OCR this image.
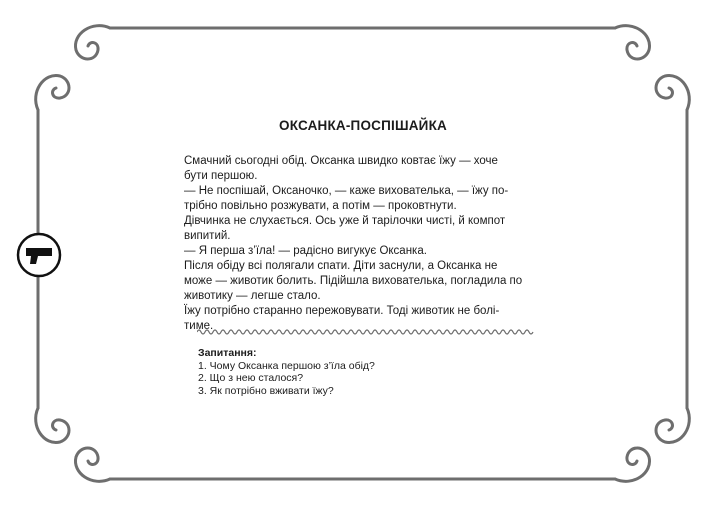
ОКСАНКА-ПОСПІШАЙКА

Смачний сьогодні обід. Оксанка швидко ковтає їжу — хоче

бути першою.

— Не поспішай, Оксаночко, — каже вихователька, — їжу по-

трібно повільно розжувати, а потім — проковтнути.

Дівчинка не слухається. Ось уже й тарілочки чисті, й компот

випитий.

— Я перша з’їла! — радісно вигукує Оксанка.

Після обіду всі полягали спати. Діти заснули, а Оксанка не

може — животик болить. Підійшла вихователька, погладила по

животику — легше стало.

Їжу потрібно старанно пережовувати. Тоді животик не болі-

тиме.

Запитання:
1. Чому Оксанка першою з’їла обід?
2. Що з нею сталося?
3. Як потрібно вживати їжу?
